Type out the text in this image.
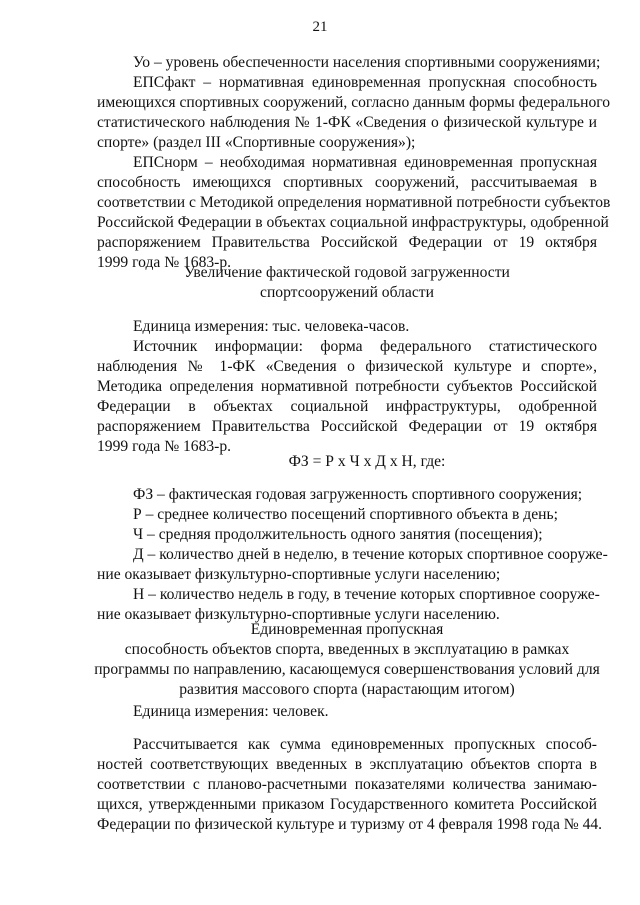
21
Уо – уровень обеспеченности населения спортивными сооружениями;
ЕПСфакт – нормативная единовременная пропускная способность
имеющихся спортивных сооружений, согласно данным формы федерального
статистического наблюдения № 1-ФК «Сведения о физической культуре и
спорте» (раздел III «Спортивные сооружения»);
ЕПСнорм – необходимая нормативная единовременная пропускная
способность имеющихся спортивных сооружений, рассчитываемая в
соответствии с Методикой определения нормативной потребности субъектов
Российской Федерации в объектах социальной инфраструктуры, одобренной
распоряжением Правительства Российской Федерации от 19 октября
1999 года № 1683-р.
Увеличение фактической годовой загруженности
спортсооружений области
Единица измерения: тыс. человека-часов.
Источник информации: форма федерального статистического
наблюдения № 1-ФК «Сведения о физической культуре и спорте»,
Методика определения нормативной потребности субъектов Российской
Федерации в объектах социальной инфраструктуры, одобренной
распоряжением Правительства Российской Федерации от 19 октября
1999 года № 1683-р.
ФЗ = Р х Ч х Д х Н, где:
ФЗ – фактическая годовая загруженность спортивного сооружения;
Р – среднее количество посещений спортивного объекта в день;
Ч – средняя продолжительность одного занятия (посещения);
Д – количество дней в неделю, в течение которых спортивное сооруже-
ние оказывает физкультурно-спортивные услуги населению;
Н – количество недель в году, в течение которых спортивное сооруже-
ние оказывает физкультурно-спортивные услуги населению.
Единовременная пропускная
способность объектов спорта, введенных в эксплуатацию в рамках
программы по направлению, касающемуся совершенствования условий для
развития массового спорта (нарастающим итогом)
Единица измерения: человек.
Рассчитывается как сумма единовременных пропускных способ-
ностей соответствующих введенных в эксплуатацию объектов спорта в
соответствии с планово-расчетными показателями количества занимаю-
щихся, утвержденными приказом Государственного комитета Российской
Федерации по физической культуре и туризму от 4 февраля 1998 года № 44.
